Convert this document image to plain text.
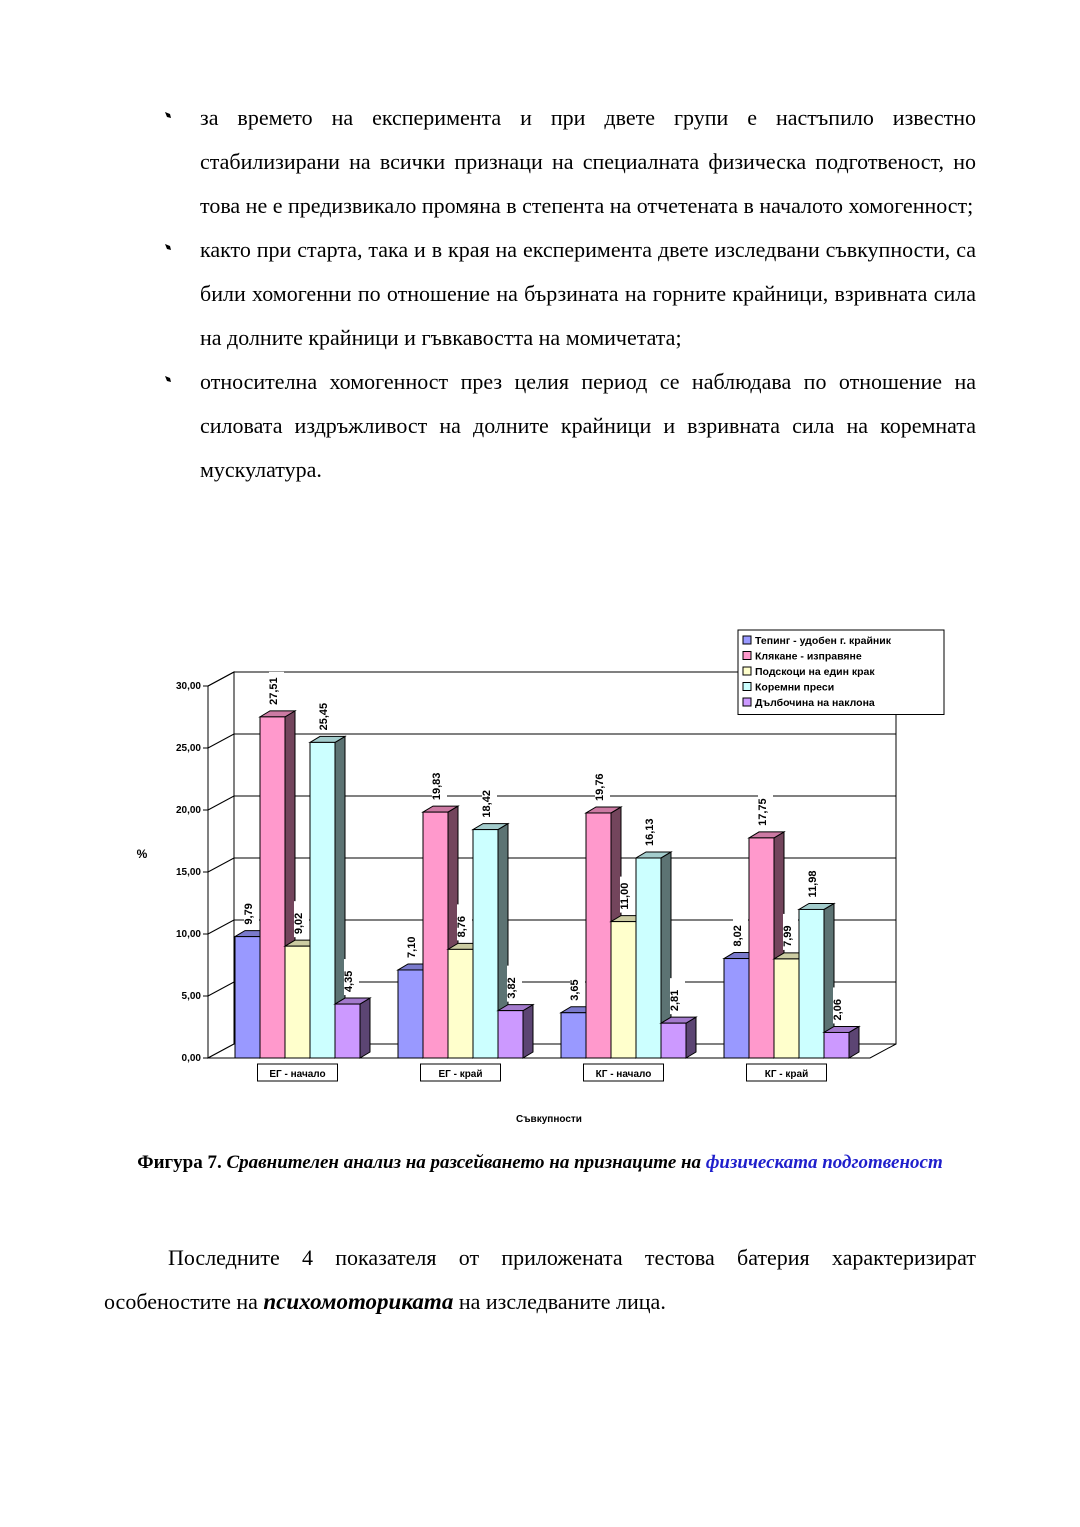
за времето на експеримента и при двете групи е настъпило известно стабилизирани на всички признаци на специалната физическа подготвеност, но това не е предизвикало промяна в степента на отчетената в началото хомогенност;
както при старта, така и в края на експеримента двете изследвани съвкупности, са били хомогенни по отношение на бързината на горните крайници, взривната сила на долните крайници и гъвкавостта на момичетата;
относителна хомогенност през целия период се наблюдава по отношение на силовата издръжливост на долните крайници и взривната сила на коремната мускулатура.
0,00
5,00
10,00
15,00
20,00
25,00
30,00
%
9,79
7,10
3,65
8,02
27,51
19,83	19,76
17,75
9,02	8,76
11,00
7,99
25,45
18,42
16,13
11,98
4,35	3,82
2,81	2,06
ЕГ - начало	ЕГ - край	КГ - начало	КГ - край
Съвкупности
Тепинг - удобен г. крайник
Клякане - изправяне
Подскоци на един крак
Коремни преси
Дълбочина на наклона
Фигура 7. Сравнителен анализ на разсейването на признаците на физическата подготвеност

Последните 4 показателя от приложената тестова батерия характеризират особеностите на психомоториката на изследваните лица.
